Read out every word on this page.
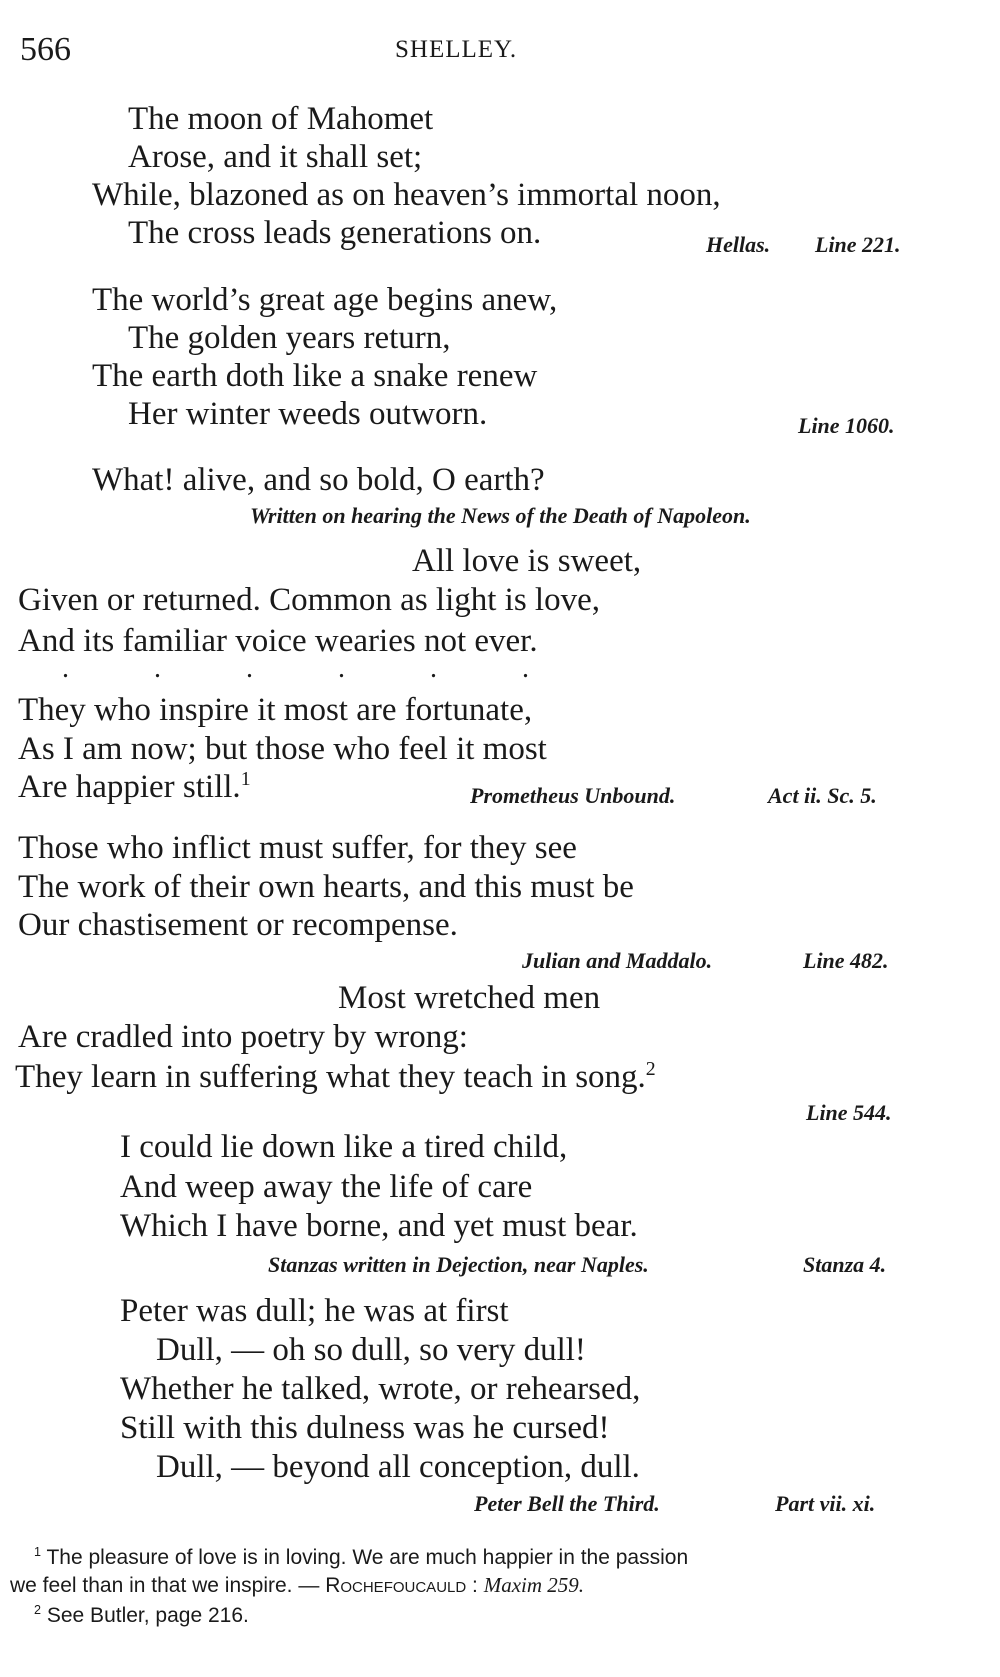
566	SHELLEY.
The moon of Mahomet
Arose, and it shall set;
While, blazoned as on heaven’s immortal noon,
The cross leads generations on.	Hellas. Line 221.
The world’s great age begins anew,
The golden years return,
The earth doth like a snake renew
Her winter weeds outworn.	Line 1060.
What! alive, and so bold, O earth?
Written on hearing the News of the Death of Napoleon.
All love is sweet,
Given or returned. Common as light is love,
And its familiar voice wearies not ever.
. . . . . .
They who inspire it most are fortunate,
As I am now; but those who feel it most
Are happier still.$^1$
Prometheus Unbound.	Act ii. Sc. 5.
Those who inflict must suffer, for they see
The work of their own hearts, and this must be
Our chastisement or recompense.
Julian and Maddalo.	Line 482.
Most wretched men
Are cradled into poetry by wrong:
They learn in suffering what they teach in song.$^2$
Line 544.
I could lie down like a tired child,
And weep away the life of care
Which I have borne, and yet must bear.
Stanzas written in Dejection, near Naples.	Stanza 4.
Peter was dull; he was at first
Dull, — oh so dull, so very dull!
Whether he talked, wrote, or rehearsed,
Still with this dulness was he cursed!
Dull, — beyond all conception, dull.
Peter Bell the Third.	Part vii. xi.
$^1$ The pleasure of love is in loving. We are much happier in the passion
we feel than in that we inspire. — Rochefoucauld : Maxim 259.
$^2$ See Butler, page 216.
